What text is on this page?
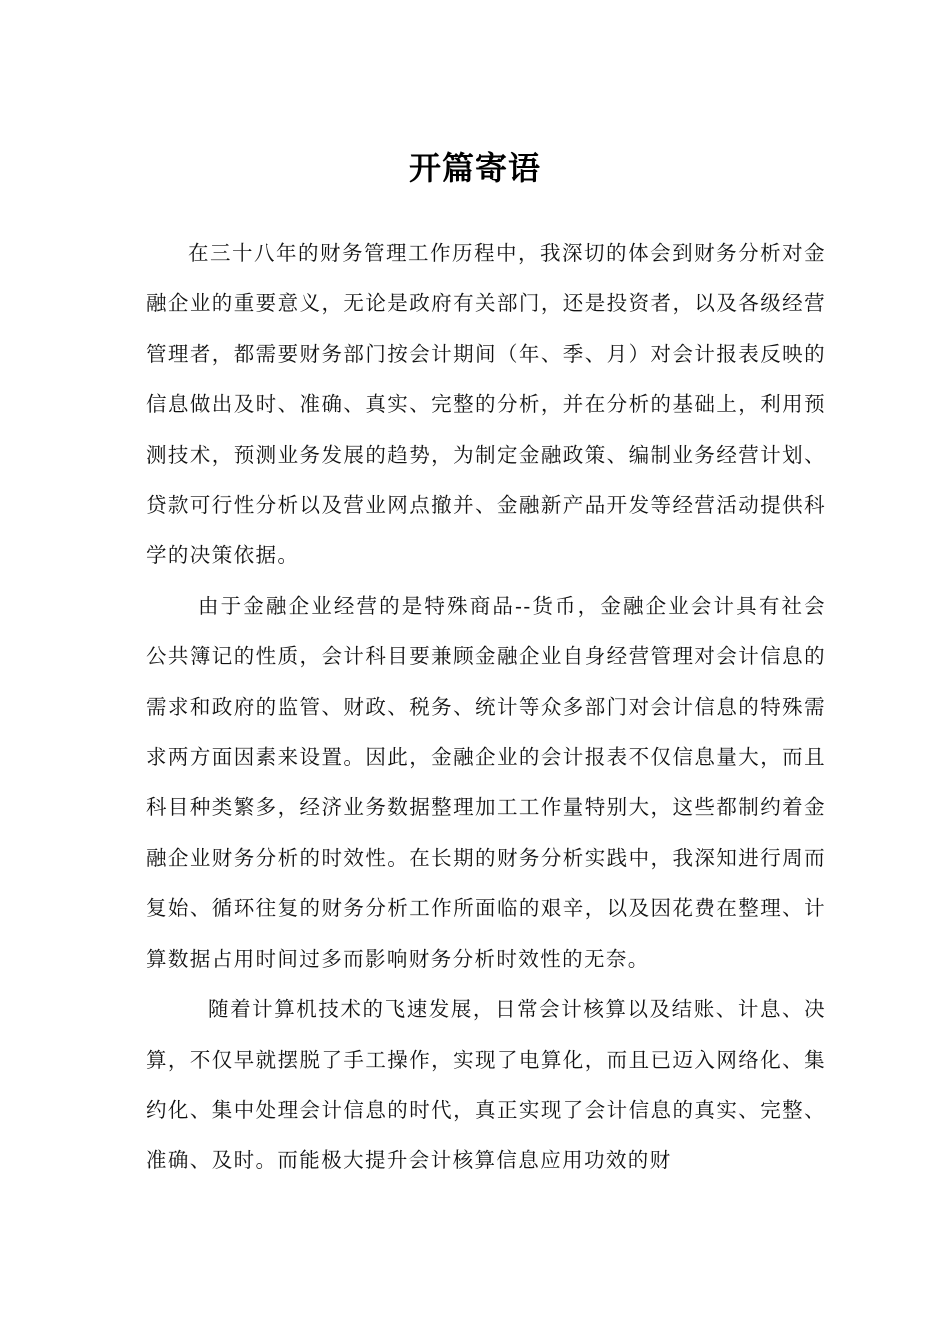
开篇寄语

在三十八年的财务管理工作历程中，我深切的体会到财务分析对金融企业的重要意义，无论是政府有关部门，还是投资者，以及各级经营管理者，都需要财务部门按会计期间（年、季、月）对会计报表反映的信息做出及时、准确、真实、完整的分析，并在分析的基础上，利用预测技术，预测业务发展的趋势，为制定金融政策、编制业务经营计划、贷款可行性分析以及营业网点撤并、金融新产品开发等经营活动提供科学的决策依据。

由于金融企业经营的是特殊商品--货币，金融企业会计具有社会公共簿记的性质，会计科目要兼顾金融企业自身经营管理对会计信息的需求和政府的监管、财政、税务、统计等众多部门对会计信息的特殊需求两方面因素来设置。因此，金融企业的会计报表不仅信息量大，而且科目种类繁多，经济业务数据整理加工工作量特别大，这些都制约着金融企业财务分析的时效性。在长期的财务分析实践中，我深知进行周而复始、循环往复的财务分析工作所面临的艰辛，以及因花费在整理、计算数据占用时间过多而影响财务分析时效性的无奈。

随着计算机技术的飞速发展，日常会计核算以及结账、计息、决算，不仅早就摆脱了手工操作，实现了电算化，而且已迈入网络化、集约化、集中处理会计信息的时代，真正实现了会计信息的真实、完整、准确、及时。而能极大提升会计核算信息应用功效的财
